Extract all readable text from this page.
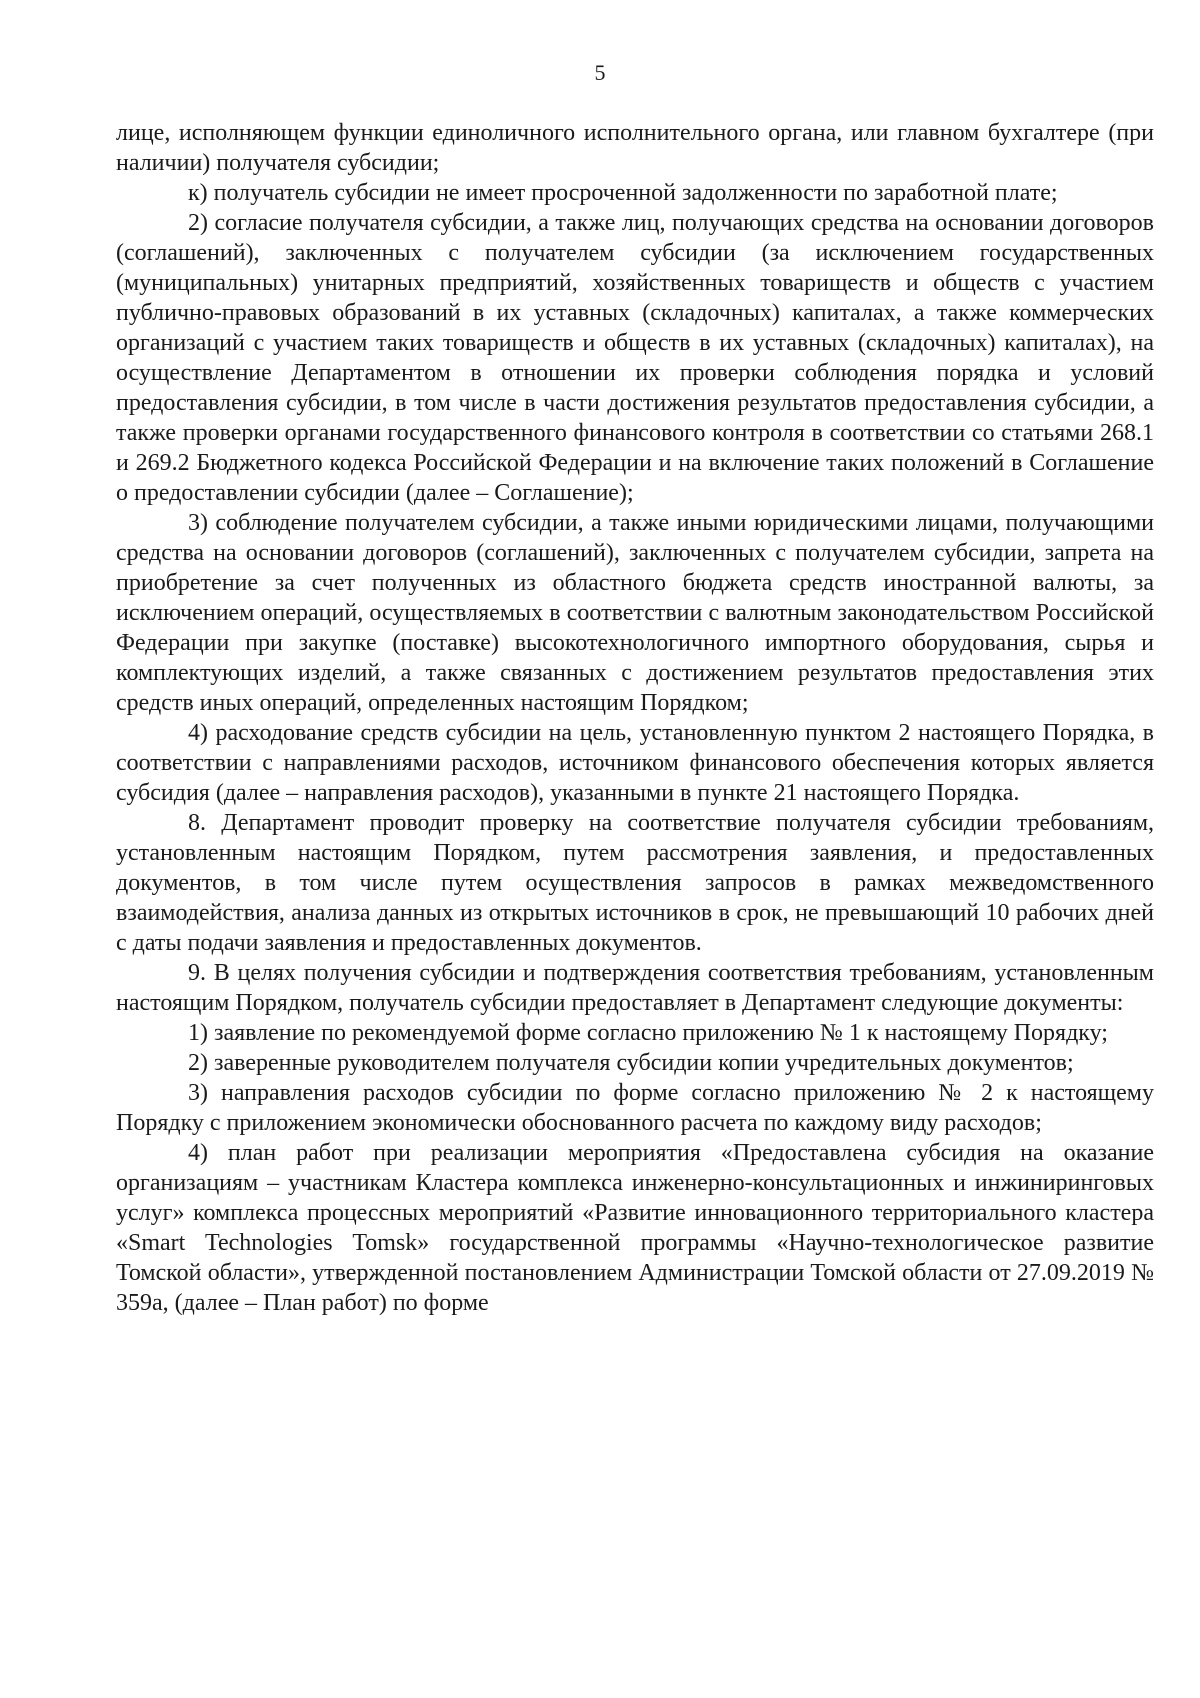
5

лице, исполняющем функции единоличного исполнительного органа, или главном бухгалтере (при наличии) получателя субсидии;

к) получатель субсидии не имеет просроченной задолженности по заработной плате;

2) согласие получателя субсидии, а также лиц, получающих средства на основании договоров (соглашений), заключенных с получателем субсидии (за исключением государственных (муниципальных) унитарных предприятий, хозяйственных товариществ и обществ с участием публично-правовых образований в их уставных (складочных) капиталах, а также коммерческих организаций с участием таких товариществ и обществ в их уставных (складочных) капиталах), на осуществление Департаментом в отношении их проверки соблюдения порядка и условий предоставления субсидии, в том числе в части достижения результатов предоставления субсидии, а также проверки органами государственного финансового контроля в соответствии со статьями 268.1 и 269.2 Бюджетного кодекса Российской Федерации и на включение таких положений в Соглашение о предоставлении субсидии (далее – Соглашение);

3) соблюдение получателем субсидии, а также иными юридическими лицами, получающими средства на основании договоров (соглашений), заключенных с получателем субсидии, запрета на приобретение за счет полученных из областного бюджета средств иностранной валюты, за исключением операций, осуществляемых в соответствии с валютным законодательством Российской Федерации при закупке (поставке) высокотехнологичного импортного оборудования, сырья и комплектующих изделий, а также связанных с достижением результатов предоставления этих средств иных операций, определенных настоящим Порядком;

4) расходование средств субсидии на цель, установленную пунктом 2 настоящего Порядка, в соответствии с направлениями расходов, источником финансового обеспечения которых является субсидия (далее – направления расходов), указанными в пункте 21 настоящего Порядка.

8. Департамент проводит проверку на соответствие получателя субсидии требованиям, установленным настоящим Порядком, путем рассмотрения заявления, и предоставленных документов, в том числе путем осуществления запросов в рамках межведомственного взаимодействия, анализа данных из открытых источников в срок, не превышающий 10 рабочих дней с даты подачи заявления и предоставленных документов.

9. В целях получения субсидии и подтверждения соответствия требованиям, установленным настоящим Порядком, получатель субсидии предоставляет в Департамент следующие документы:

1) заявление по рекомендуемой форме согласно приложению № 1 к настоящему Порядку;

2) заверенные руководителем получателя субсидии копии учредительных документов;

3) направления расходов субсидии по форме согласно приложению № 2 к настоящему Порядку с приложением экономически обоснованного расчета по каждому виду расходов;

4) план работ при реализации мероприятия «Предоставлена субсидия на оказание организациям – участникам Кластера комплекса инженерно-консультационных и инжиниринговых услуг» комплекса процессных мероприятий «Развитие инновационного территориального кластера «Smart Technologies Tomsk» государственной программы «Научно-технологическое развитие Томской области», утвержденной постановлением Администрации Томской области от 27.09.2019 № 359а, (далее – План работ) по форме
